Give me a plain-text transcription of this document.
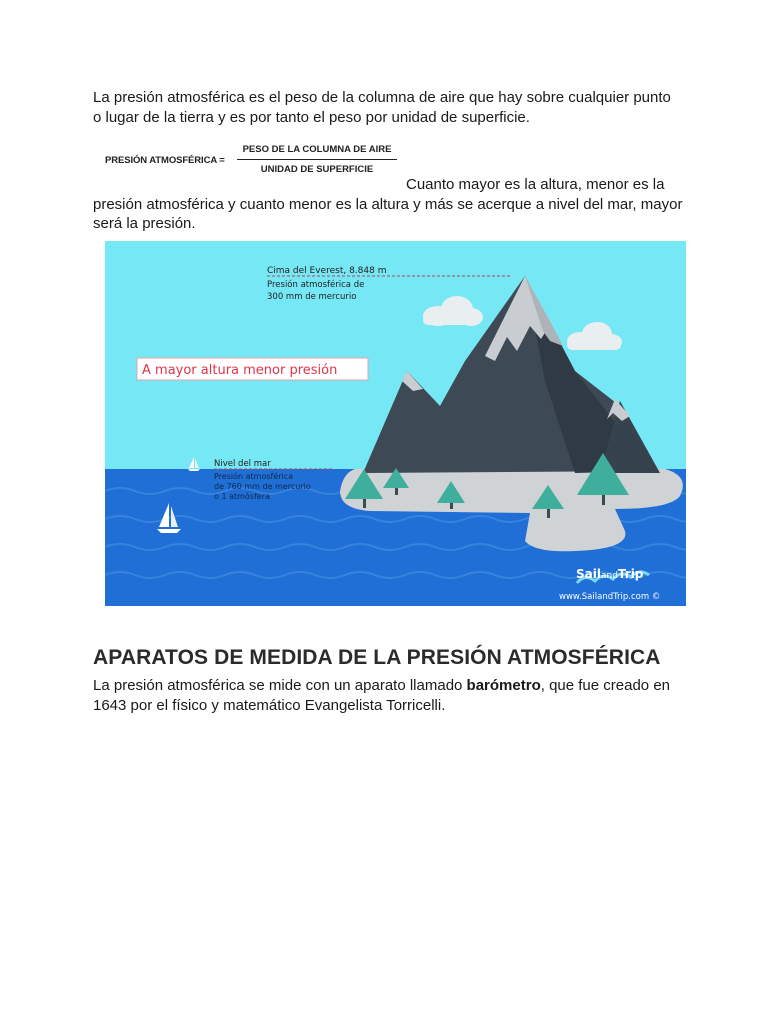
La presión atmosférica es el peso de la columna de aire que hay sobre cualquier punto o lugar de la tierra y es por tanto el peso por unidad de superficie.

PRESIÓN ATMOSFÉRICA =
PESO DE LA COLUMNA DE AIRE
UNIDAD DE SUPERFICIE

Cuanto mayor es la altura, menor es la presión atmosférica y cuanto menor es la altura y más se acerque a nivel del mar, mayor será la presión.

Cima del Everest, 8.848 m
Presión atmosférica de
300 mm de mercurio
A mayor altura menor presión
Nivel del mar
Presión atmosférica
de 760 mm de mercurio
o 1 atmósfera
SailandTrip
www.SailandTrip.com ©
APARATOS DE MEDIDA DE LA PRESIÓN ATMOSFÉRICA

La presión atmosférica se mide con un aparato llamado barómetro, que fue creado en 1643 por el físico y matemático Evangelista Torricelli.
